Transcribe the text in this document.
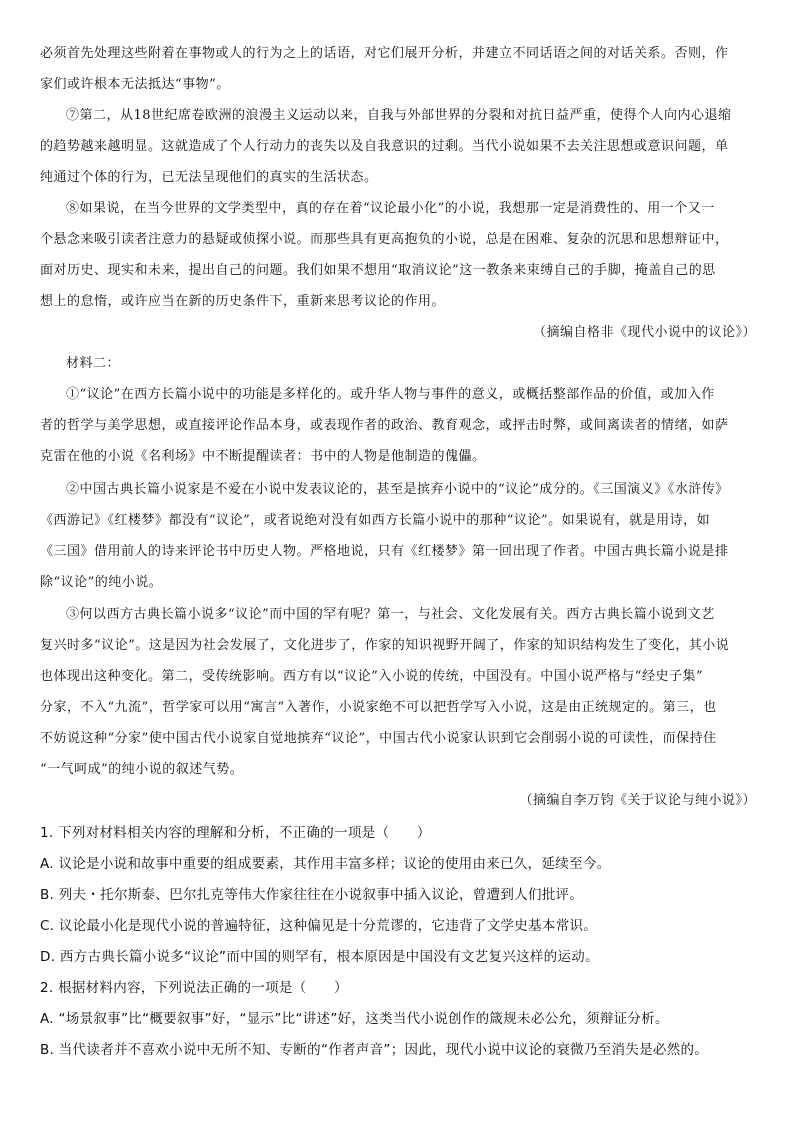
必须首先处理这些附着在事物或人的行为之上的话语，对它们展开分析，并建立不同话语之间的对话关系。否则，作

家们或许根本无法抵达“事物”。

⑦第二，从18世纪席卷欧洲的浪漫主义运动以来，自我与外部世界的分裂和对抗日益严重，使得个人向内心退缩

的趋势越来越明显。这就造成了个人行动力的丧失以及自我意识的过剩。当代小说如果不去关注思想或意识问题，单

纯通过个体的行为，已无法呈现他们的真实的生活状态。

⑧如果说，在当今世界的文学类型中，真的存在着“议论最小化”的小说，我想那一定是消费性的、用一个又一

个悬念来吸引读者注意力的悬疑或侦探小说。而那些具有更高抱负的小说，总是在困难、复杂的沉思和思想辩证中，

面对历史、现实和未来，提出自己的问题。我们如果不想用“取消议论”这一教条来束缚自己的手脚，掩盖自己的思

想上的怠惰，或许应当在新的历史条件下，重新来思考议论的作用。

（摘编自格非《现代小说中的议论》）

材料二：

①“议论”在西方长篇小说中的功能是多样化的。或升华人物与事件的意义，或概括整部作品的价值，或加入作

者的哲学与美学思想，或直接评论作品本身，或表现作者的政治、教育观念，或抨击时弊，或间离读者的情绪，如萨

克雷在他的小说《名利场》中不断提醒读者：书中的人物是他制造的傀儡。

②中国古典长篇小说家是不爱在小说中发表议论的，甚至是摈弃小说中的“议论”成分的。《三国演义》《水浒传》

《西游记》《红楼梦》都没有“议论”，或者说绝对没有如西方长篇小说中的那种“议论”。如果说有，就是用诗，如

《三国》借用前人的诗来评论书中历史人物。严格地说，只有《红楼梦》第一回出现了作者。中国古典长篇小说是排

除“议论”的纯小说。

③何以西方古典长篇小说多“议论”而中国的罕有呢？第一，与社会、文化发展有关。西方古典长篇小说到文艺

复兴时多“议论”。这是因为社会发展了，文化进步了，作家的知识视野开阔了，作家的知识结构发生了变化，其小说

也体现出这种变化。第二，受传统影响。西方有以“议论”入小说的传统，中国没有。中国小说严格与“经史子集”

分家，不入“九流”，哲学家可以用“寓言”入著作，小说家绝不可以把哲学写入小说，这是由正统规定的。第三，也

不妨说这种“分家”使中国古代小说家自觉地摈弃“议论”，中国古代小说家认识到它会削弱小说的可读性，而保持住

“一气呵成”的纯小说的叙述气势。

（摘编自李万钧《关于议论与纯小说》）

1. 下列对材料相关内容的理解和分析，不正确的一项是（　　）

A. 议论是小说和故事中重要的组成要素，其作用丰富多样；议论的使用由来已久，延续至今。

B. 列夫・托尔斯泰、巴尔扎克等伟大作家往往在小说叙事中插入议论，曾遭到人们批评。

C. 议论最小化是现代小说的普遍特征，这种偏见是十分荒谬的，它违背了文学史基本常识。

D. 西方古典长篇小说多“议论”而中国的则罕有，根本原因是中国没有文艺复兴这样的运动。

2. 根据材料内容，下列说法正确的一项是（　　）

A. “场景叙事”比“概要叙事”好，“显示”比“讲述”好，这类当代小说创作的箴规未必公允，须辩证分析。

B. 当代读者并不喜欢小说中无所不知、专断的“作者声音”；因此，现代小说中议论的衰微乃至消失是必然的。
